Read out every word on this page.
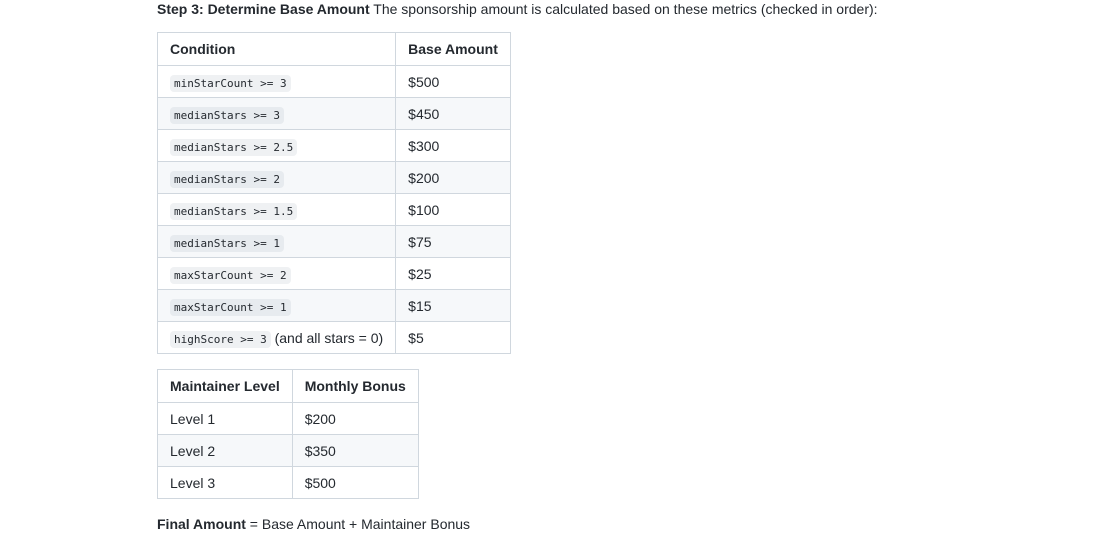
Step 3: Determine Base Amount The sponsorship amount is calculated based on these metrics (checked in order):

Condition	Base Amount
minStarCount >= 3	$500
medianStars >= 3	$450
medianStars >= 2.5	$300
medianStars >= 2	$200
medianStars >= 1.5	$100
medianStars >= 1	$75
maxStarCount >= 2	$25
maxStarCount >= 1	$15
highScore >= 3 (and all stars = 0)	$5
Maintainer Level	Monthly Bonus
Level 1	$200
Level 2	$350
Level 3	$500

Final Amount = Base Amount + Maintainer Bonus
